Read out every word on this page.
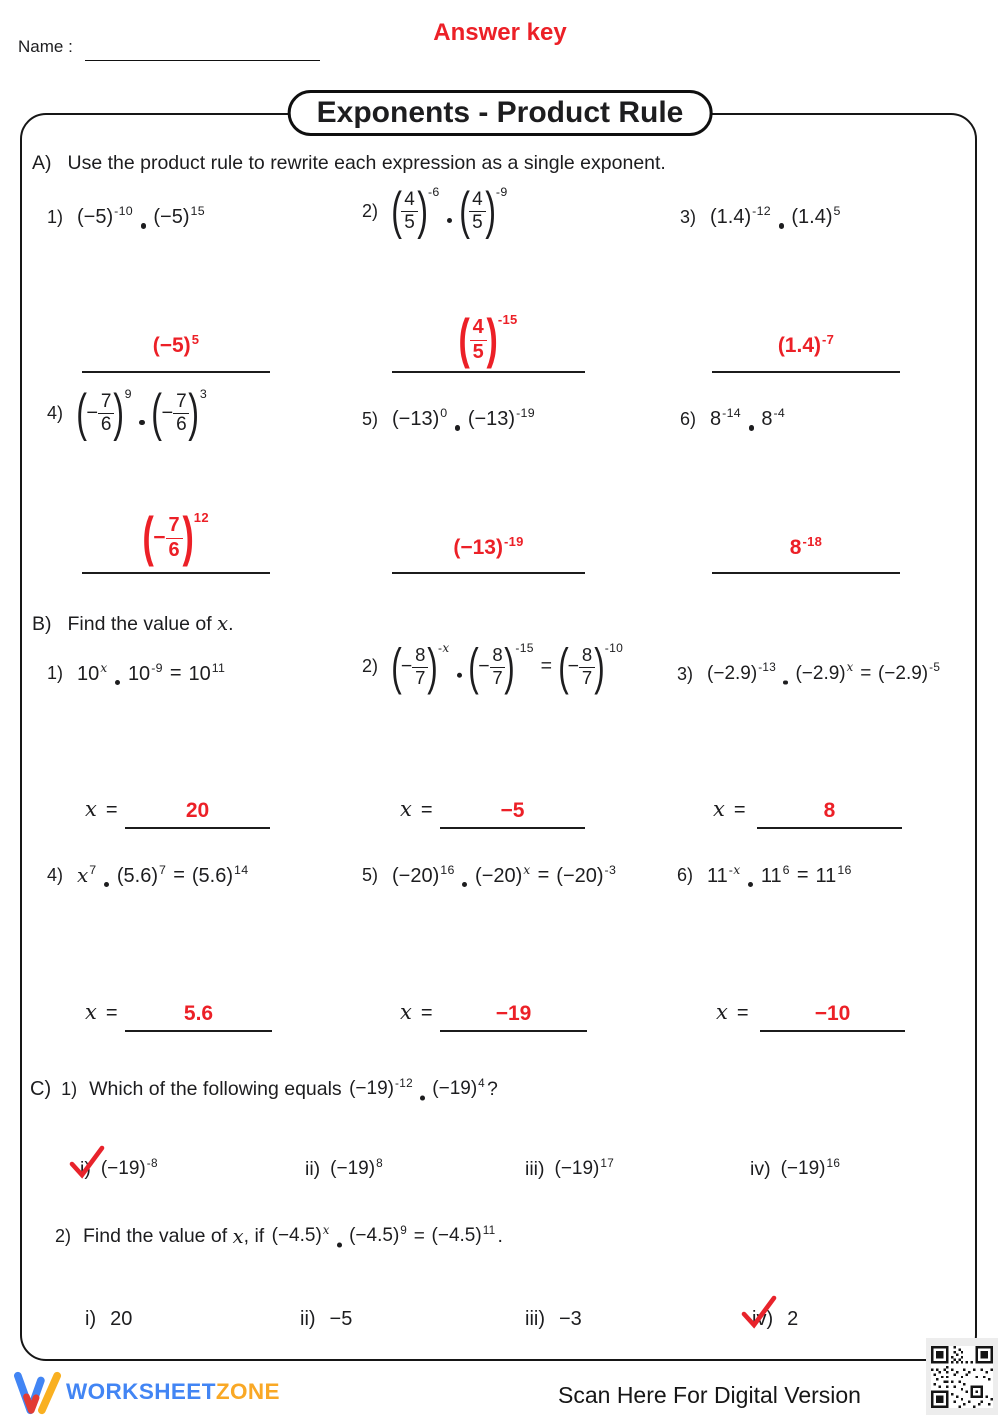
Name :
Answer key
Exponents - Product Rule
A) Use the product rule to rewrite each expression as a single exponent.
1) $(-5)^{-10}$ $(-5)^{15}$	2) ( 4
5 ) -6 ( 4
5 ) -9
3) $(1.4)^{-12}$ $(1.4)^5$
$(-5)^5$	( 4
5 ) -15
$(1.4)^{-7}$
4) ( − $\frac{7}{6}$ ) 9 ( − $\frac{7}{6}$ ) 3
5) $(-13)^0$ $(-13)^{-19}$	6) $8^{-14}$ $8^{-4}$
( − $\frac{7}{6}$ ) 12
$(-13)^{-19}$	$8^{-18}$
B) Find the value of x.
1) 10$^x$ $10^{-9} = 10^{11}$	2) ( − $\frac{8}{7}$ ) -x ( − $\frac{8}{7}$ ) -15
= ( − $\frac{8}{7}$ ) -10
3) $(-2.9)^{-13}$ $(-2.9)^x = (-2.9)^{-5}$
x =	20	x =	−5	x =	8
4) $x^7$ $(5.6)^7 = (5.6)^{14}$	5) $(-20)^{16}$ $(-20)^x = (-20)^{-3}$	6) $11^{-x}$ $11^6 = 11^{16}$
x =	5.6	x =	−19	x =	−10
C) 1) Which of the following equals $(-19)^{-12}$ $(-19)^4$ ?
i) $(-19)^{-8}$	ii) $(-19)^8$	iii) $(-19)^{17}$	iv) $(-19)^{16}$
2) Find the value of x , if $(-4.5)^x$ $(-4.5)^9 = (-4.5)^{11}$ .
i) 20	ii) −5	iii) −3	iv) 2
WORKSHEETZONE	Scan Here For Digital Version
